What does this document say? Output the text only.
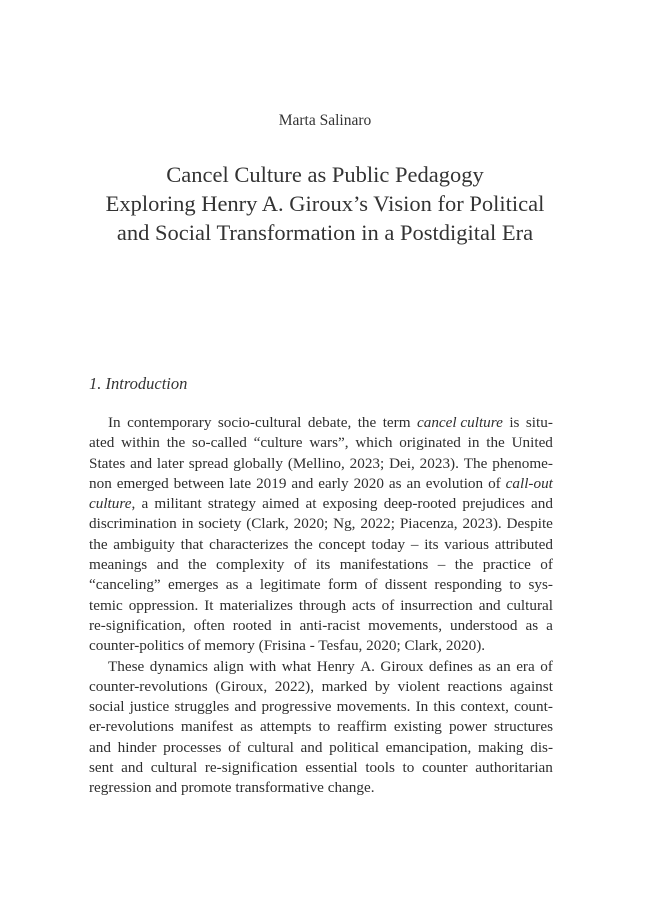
Marta Salinaro
Cancel Culture as Public Pedagogy
Exploring Henry A. Giroux’s Vision for Political
and Social Transformation in a Postdigital Era
1. Introduction
In contemporary socio-cultural debate, the term cancel culture is situ-
ated within the so-called “culture wars”, which originated in the United
States and later spread globally (Mellino, 2023; Dei, 2023). The phenome-
non emerged between late 2019 and early 2020 as an evolution of call-out
culture, a militant strategy aimed at exposing deep-rooted prejudices and
discrimination in society (Clark, 2020; Ng, 2022; Piacenza, 2023). Despite
the ambiguity that characterizes the concept today – its various attributed
meanings and the complexity of its manifestations – the practice of
“canceling” emerges as a legitimate form of dissent responding to sys-
temic oppression. It materializes through acts of insurrection and cultural
re-signification, often rooted in anti-racist movements, understood as a
counter-politics of memory (Frisina - Tesfau, 2020; Clark, 2020).
These dynamics align with what Henry A. Giroux defines as an era of
counter-revolutions (Giroux, 2022), marked by violent reactions against
social justice struggles and progressive movements. In this context, count-
er-revolutions manifest as attempts to reaffirm existing power structures
and hinder processes of cultural and political emancipation, making dis-
sent and cultural re-signification essential tools to counter authoritarian
regression and promote transformative change.
